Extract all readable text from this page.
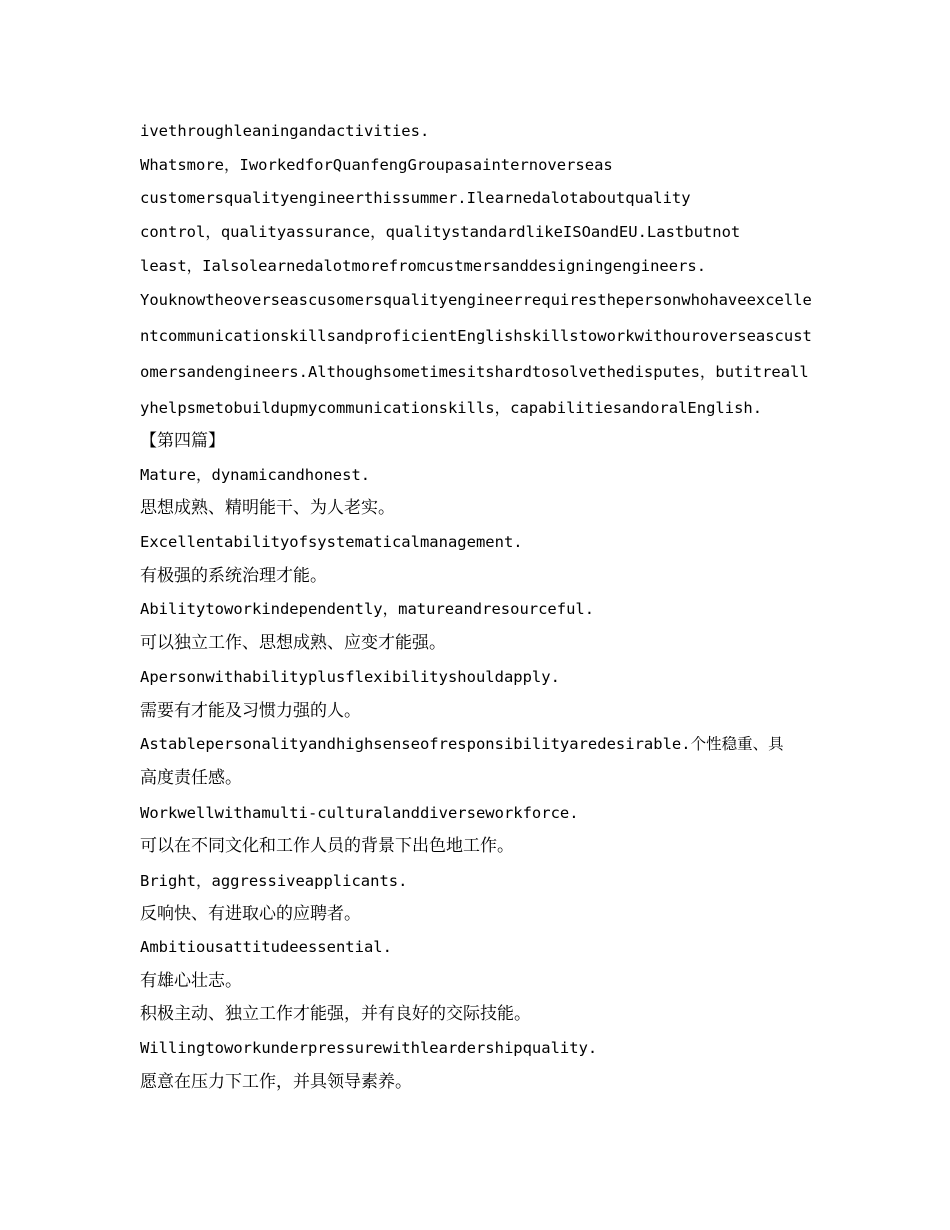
ivethroughleaningandactivities.
Whatsmore，IworkedforQuanfengGroupasainternoverseas
customersqualityengineerthissummer.Ilearnedalotaboutquality
control，qualityassurance，qualitystandardlikeISOandEU.Lastbutnot
least，Ialsolearnedalotmorefromcustmersanddesigningengineers.
Youknowtheoverseascusomersqualityengineerrequiresthepersonwhohaveexcelle
ntcommunicationskillsandproficientEnglishskillstoworkwithouroverseascust
omersandengineers.Althoughsometimesitshardtosolvethedisputes，butitreall
yhelpsmetobuildupmycommunicationskills，capabilitiesandoralEnglish.
【第四篇】
Mature，dynamicandhonest.
思想成熟、精明能干、为人老实。
Excellentabilityofsystematicalmanagement.
有极强的系统治理才能。
Abilitytoworkindependently，matureandresourceful.
可以独立工作、思想成熟、应变才能强。
Apersonwithabilityplusflexibilityshouldapply.
需要有才能及习惯力强的人。
Astablepersonalityandhighsenseofresponsibilityaredesirable.个性稳重、具
高度责任感。
Workwellwithamulti-culturalanddiverseworkforce.
可以在不同文化和工作人员的背景下出色地工作。
Bright，aggressiveapplicants.
反响快、有进取心的应聘者。
Ambitiousattitudeessential.
有雄心壮志。
积极主动、独立工作才能强，并有良好的交际技能。
Willingtoworkunderpressurewithleardershipquality.
愿意在压力下工作，并具领导素养。
